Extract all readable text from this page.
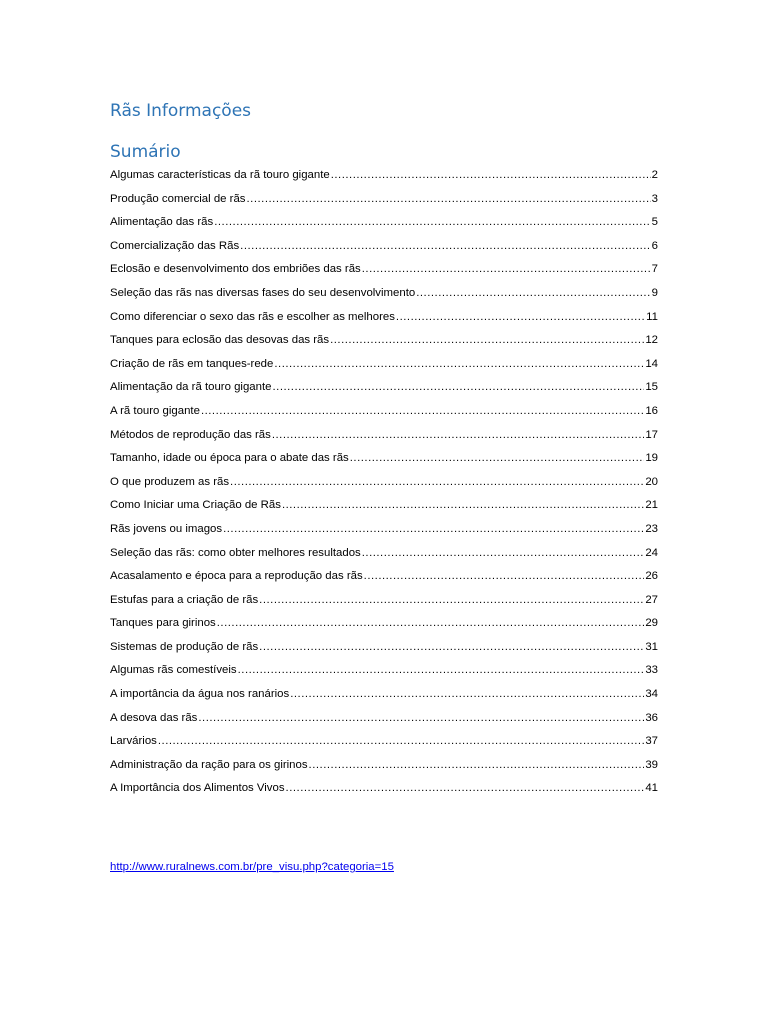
Rãs Informações
Sumário
Algumas características da rã touro gigante .....	2
Produção comercial de rãs .....	3
Alimentação das rãs .....	5
Comercialização das Rãs .....	6
Eclosão e desenvolvimento dos embriões das rãs .....	7
Seleção das rãs nas diversas fases do seu desenvolvimento .....	9
Como diferenciar o sexo das rãs e escolher as melhores .....	11
Tanques para eclosão das desovas das rãs .....	12
Criação de rãs em tanques-rede .....	14
Alimentação da rã touro gigante .....	15
A rã touro gigante .....	16
Métodos de reprodução das rãs .....	17
Tamanho, idade ou época para o abate das rãs .....	19
O que produzem as rãs .....	20
Como Iniciar uma Criação de Rãs .....	21
Rãs jovens ou imagos .....	23
Seleção das rãs: como obter melhores resultados .....	24
Acasalamento e época para a reprodução das rãs .....	26
Estufas para a criação de rãs .....	27
Tanques para girinos .....	29
Sistemas de produção de rãs .....	31
Algumas rãs comestíveis .....	33
A importância da água nos ranários .....	34
A desova das rãs .....	36
Larvários .....	37
Administração da ração para os girinos .....	39
A Importância dos Alimentos Vivos .....	41
http://www.ruralnews.com.br/pre_visu.php?categoria=15
